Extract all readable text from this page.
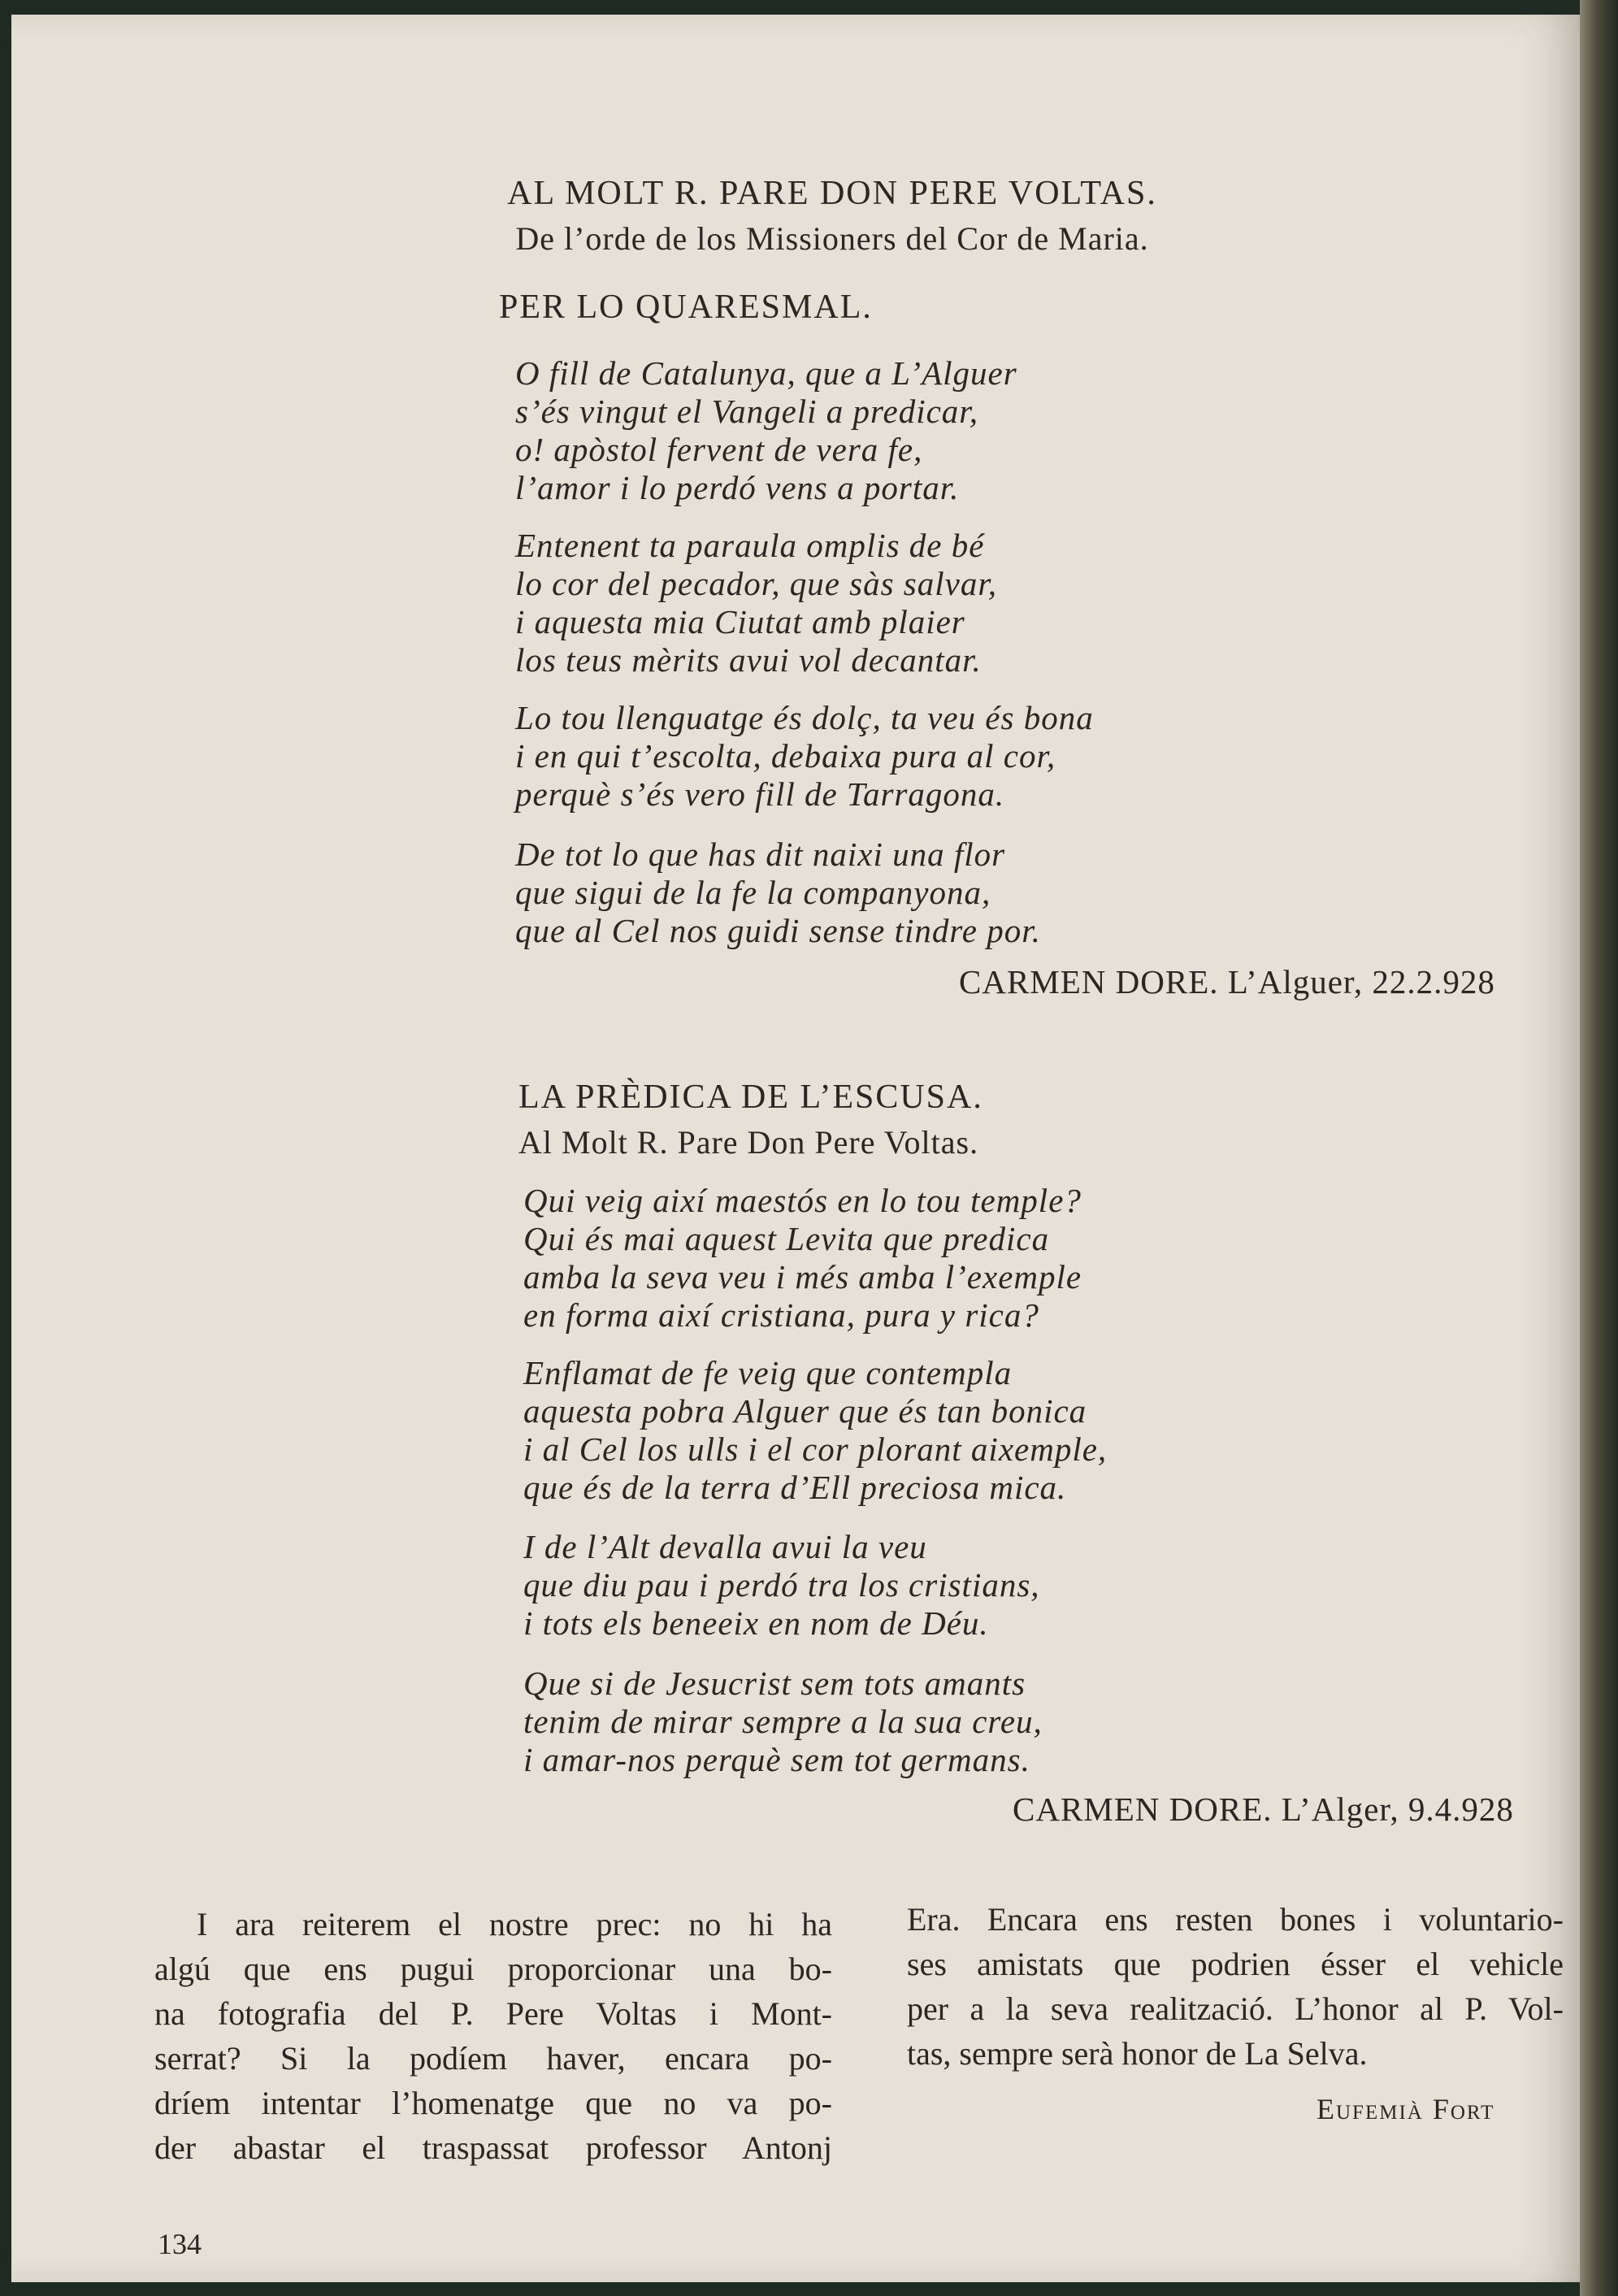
AL MOLT R. PARE DON PERE VOLTAS.
De l’orde de los Missioners del Cor de Maria.
PER LO QUARESMAL.
O fill de Catalunya, que a L’Alguer
s’és vingut el Vangeli a predicar,
o! apòstol fervent de vera fe,
l’amor i lo perdó vens a portar.
Entenent ta paraula omplis de bé
lo cor del pecador, que sàs salvar,
i aquesta mia Ciutat amb plaier
los teus mèrits avui vol decantar.
Lo tou llenguatge és dolç, ta veu és bona
i en qui t’escolta, debaixa pura al cor,
perquè s’és vero fill de Tarragona.
De tot lo que has dit naixi una flor
que sigui de la fe la companyona,
que al Cel nos guidi sense tindre por.
CARMEN DORE. L’Alguer, 22.2.928
LA PRÈDICA DE L’ESCUSA.
Al Molt R. Pare Don Pere Voltas.
Qui veig així maestós en lo tou temple?
Qui és mai aquest Levita que predica
amba la seva veu i més amba l’exemple
en forma així cristiana, pura y rica?
Enflamat de fe veig que contempla
aquesta pobra Alguer que és tan bonica
i al Cel los ulls i el cor plorant aixemple,
que és de la terra d’Ell preciosa mica.
I de l’Alt devalla avui la veu
que diu pau i perdó tra los cristians,
i tots els beneeix en nom de Déu.
Que si de Jesucrist sem tots amants
tenim de mirar sempre a la sua creu,
i amar-nos perquè sem tot germans.
CARMEN DORE. L’Alger, 9.4.928
I ara reiterem el nostre prec: no hi ha
algú que ens pugui proporcionar una bo-
na fotografia del P. Pere Voltas i Mont-
serrat? Si la podíem haver, encara po-
dríem intentar l’homenatge que no va po-
der abastar el traspassat professor Antonj
Era. Encara ens resten bones i voluntario-
ses amistats que podrien ésser el vehicle
per a la seva realització. L’honor al P. Vol-
tas, sempre serà honor de La Selva.
Eufemià Fort
134
